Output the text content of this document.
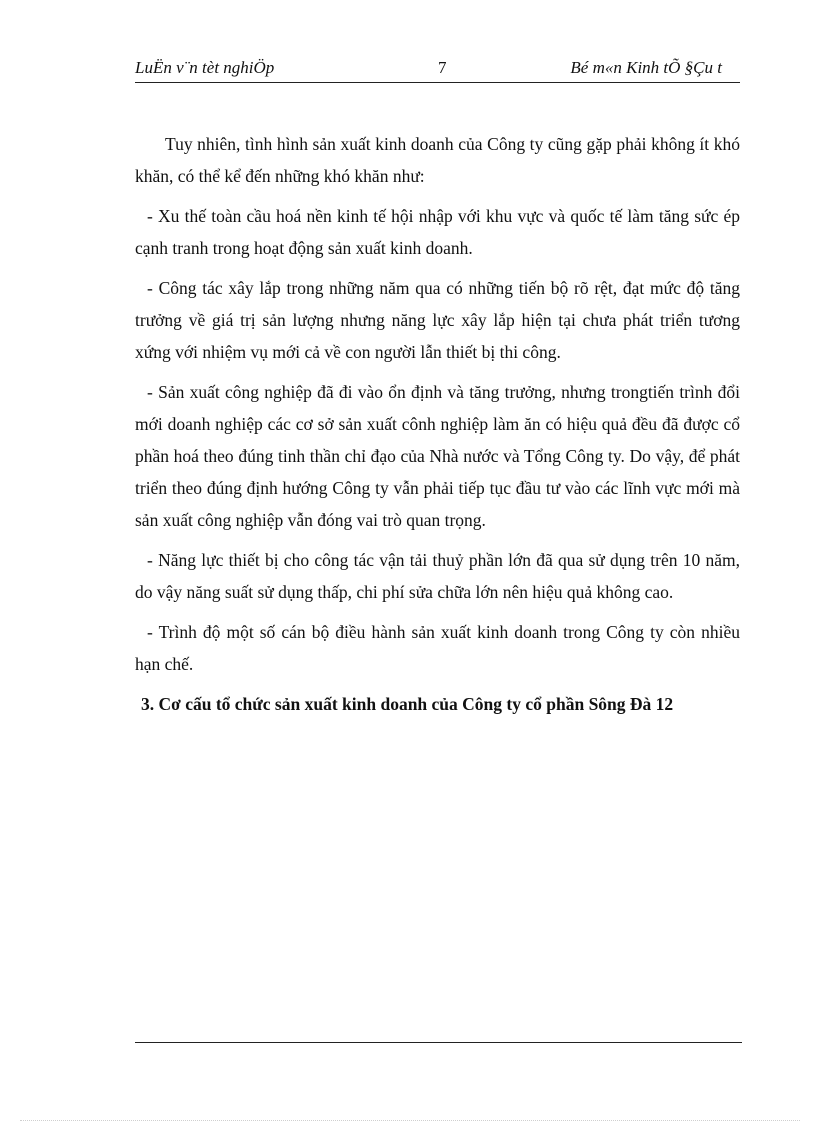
LuËn v¨n tèt nghiÖp	7	Bé m«n Kinh tÕ §Çu t

Tuy nhiên, tình hình sản xuất kinh doanh của Công ty cũng gặp phải không ít khó khăn, có thể kể đến những khó khăn như:

- Xu thế toàn cầu hoá nền kinh tế hội nhập với khu vực và quốc tế làm tăng sức ép cạnh tranh trong hoạt động sản xuất kinh doanh.

- Công tác xây lắp trong những năm qua có những tiến bộ rõ rệt, đạt mức độ tăng trưởng về giá trị sản lượng nhưng năng lực xây lắp hiện tại chưa phát triển tương xứng với nhiệm vụ mới cả về con người lẫn thiết bị thi công.

- Sản xuất công nghiệp đã đi vào ổn định và tăng trưởng, nhưng trongtiến trình đổi mới doanh nghiệp các cơ sở sản xuất cônh nghiệp làm ăn có hiệu quả đều đã được cổ phần hoá theo đúng tinh thần chỉ đạo của Nhà nước và Tổng Công ty. Do vậy, để phát triển theo đúng định hướng Công ty vẫn phải tiếp tục đầu tư vào các lĩnh vực mới mà sản xuất công nghiệp vẫn đóng vai trò quan trọng.

- Năng lực thiết bị cho công tác vận tải thuỷ phần lớn đã qua sử dụng trên 10 năm, do vậy năng suất sử dụng thấp, chi phí sửa chữa lớn nên hiệu quả không cao.

- Trình độ một số cán bộ điều hành sản xuất kinh doanh trong Công ty còn nhiều hạn chế.

3. Cơ cấu tổ chức sản xuất kinh doanh của Công ty cổ phần Sông Đà 12
